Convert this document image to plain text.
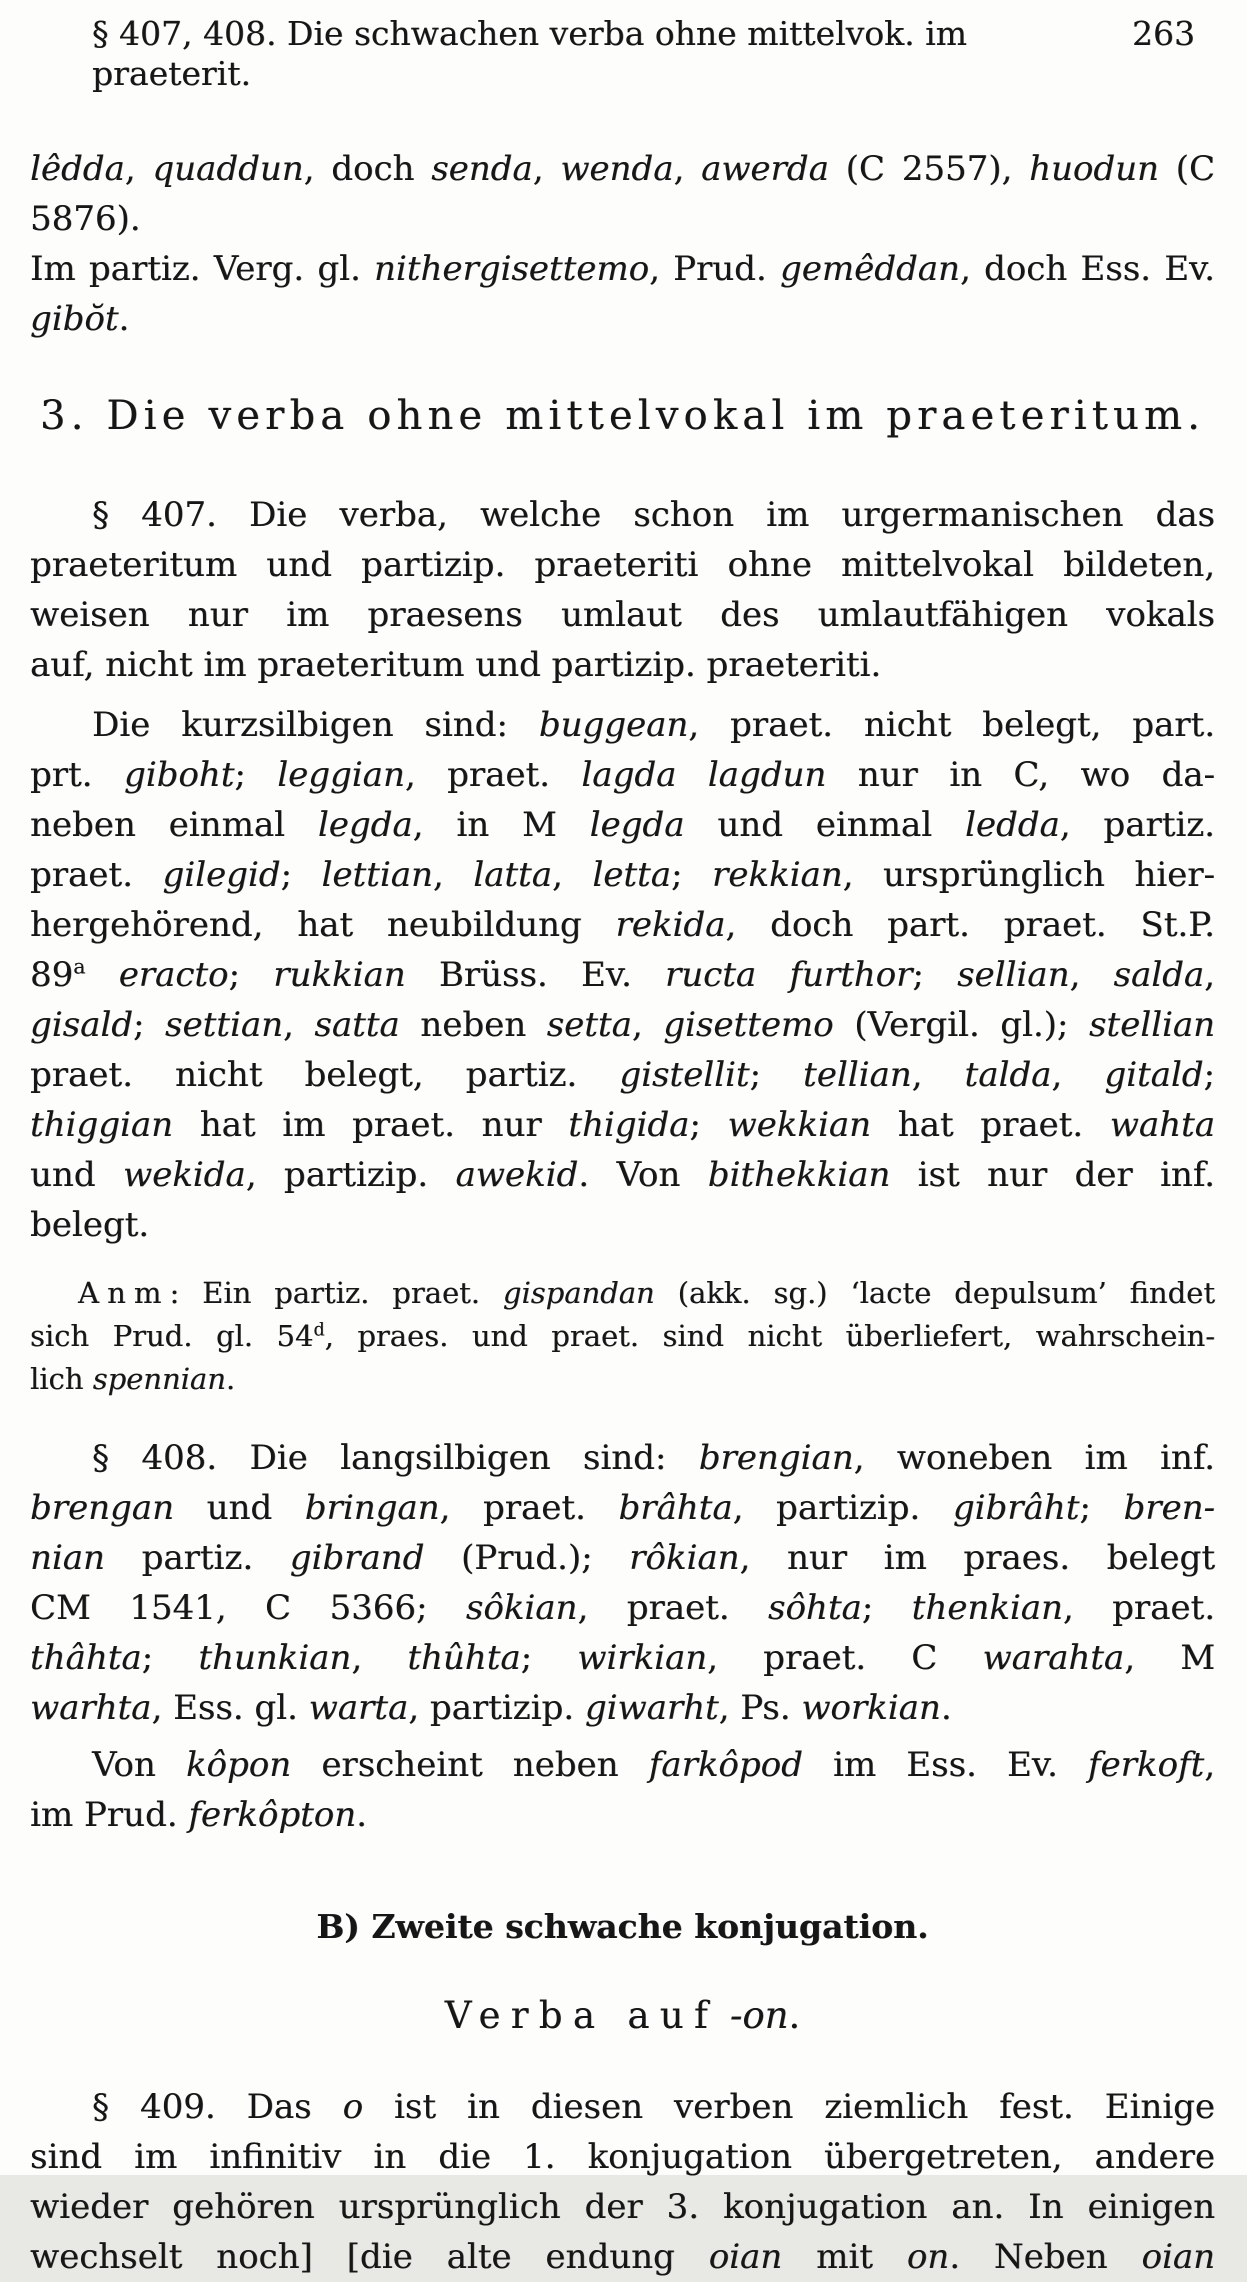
§ 407, 408. Die schwachen verba ohne mittelvok. im praeterit.
263
lêdda, quaddun, doch senda, wenda, awerda (C 2557), huodun (C 5876).
Im partiz. Verg. gl. nithergisettemo, Prud. gemêddan, doch Ess. Ev. gibŏt.
3. Die verba ohne mittelvokal im praeteritum.
§ 407. Die verba, welche schon im urgermanischen das
praeteritum und partizip. praeteriti ohne mittelvokal bildeten,
weisen nur im praesens umlaut des umlautfähigen vokals
auf, nicht im praeteritum und partizip. praeteriti.
Die kurzsilbigen sind: buggean, praet. nicht belegt, part.
prt. giboht; leggian, praet. lagda lagdun nur in C, wo da-
neben einmal legda, in M legda und einmal ledda, partiz.
praet. gilegid; lettian, latta, letta; rekkian, ursprünglich hier-
hergehörend, hat neubildung rekida, doch part. praet. St.P.
89$^a$ eracto; rukkian Brüss. Ev. ructa furthor; sellian, salda,
gisald; settian, satta neben setta, gisettemo (Vergil. gl.); stellian
praet. nicht belegt, partiz. gistellit; tellian, talda, gitald;
thiggian hat im praet. nur thigida; wekkian hat praet. wahta
und wekida, partizip. awekid. Von bithekkian ist nur der inf.
belegt.
Anm: Ein partiz. praet. gispandan (akk. sg.) ‘lacte depulsum’ findet
sich Prud. gl. 54$^d$, praes. und praet. sind nicht überliefert, wahrschein-
lich spennian.
§ 408. Die langsilbigen sind: brengian, woneben im inf.
brengan und bringan, praet. brâhta, partizip. gibrâht; bren-
nian partiz. gibrand (Prud.); rôkian, nur im praes. belegt
CM 1541, C 5366; sôkian, praet. sôhta; thenkian, praet.
thâhta; thunkian, thûhta; wirkian, praet. C warahta, M
warhta, Ess. gl. warta, partizip. giwarht, Ps. workian.
Von kôpon erscheint neben farkôpod im Ess. Ev. ferkoft,
im Prud. ferkôpton.
B) Zweite schwache konjugation.
Verba auf -on.
§ 409. Das o ist in diesen verben ziemlich fest. Einige
sind im infinitiv in die 1. konjugation übergetreten, andere
wieder gehören ursprünglich der 3. konjugation an. In einigen
wechselt noch] [die alte endung oian mit on. Neben oian
